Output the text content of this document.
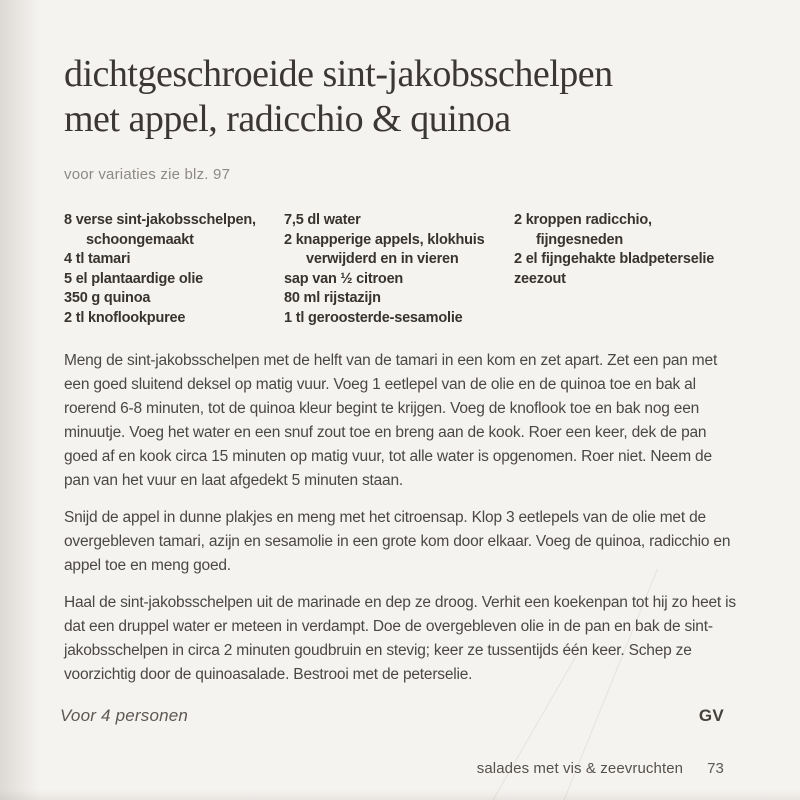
dichtgeschroeide sint-jakobsschelpen
met appel, radicchio & quinoa
voor variaties zie blz. 97
8 verse sint-jakobsschelpen, schoongemaakt
4 tl tamari
5 el plantaardige olie
350 g quinoa
2 tl knoflookpuree
7,5 dl water
2 knapperige appels, klokhuis verwijderd en in vieren
sap van ½ citroen
80 ml rijstazijn
1 tl geroosterde-sesamolie
2 kroppen radicchio, fijngesneden
2 el fijngehakte bladpeterselie
zeezout

Meng de sint-jakobsschelpen met de helft van de tamari in een kom en zet apart. Zet een pan met een goed sluitend deksel op matig vuur. Voeg 1 eetlepel van de olie en de quinoa toe en bak al roerend 6-8 minuten, tot de quinoa kleur begint te krijgen. Voeg de knoflook toe en bak nog een minuutje. Voeg het water en een snuf zout toe en breng aan de kook. Roer een keer, dek de pan goed af en kook circa 15 minuten op matig vuur, tot alle water is opgenomen. Roer niet. Neem de pan van het vuur en laat afgedekt 5 minuten staan.

Snijd de appel in dunne plakjes en meng met het citroensap. Klop 3 eetlepels van de olie met de overgebleven tamari, azijn en sesamolie in een grote kom door elkaar. Voeg de quinoa, radicchio en appel toe en meng goed.

Haal de sint-jakobsschelpen uit de marinade en dep ze droog. Verhit een koekenpan tot hij zo heet is dat een druppel water er meteen in verdampt. Doe de overgebleven olie in de pan en bak de sint-jakobsschelpen in circa 2 minuten goudbruin en stevig; keer ze tussentijds één keer. Schep ze voorzichtig door de quinoasalade. Bestrooi met de peterselie.

Voor 4 personen	GV
salades met vis & zeevruchten 73
